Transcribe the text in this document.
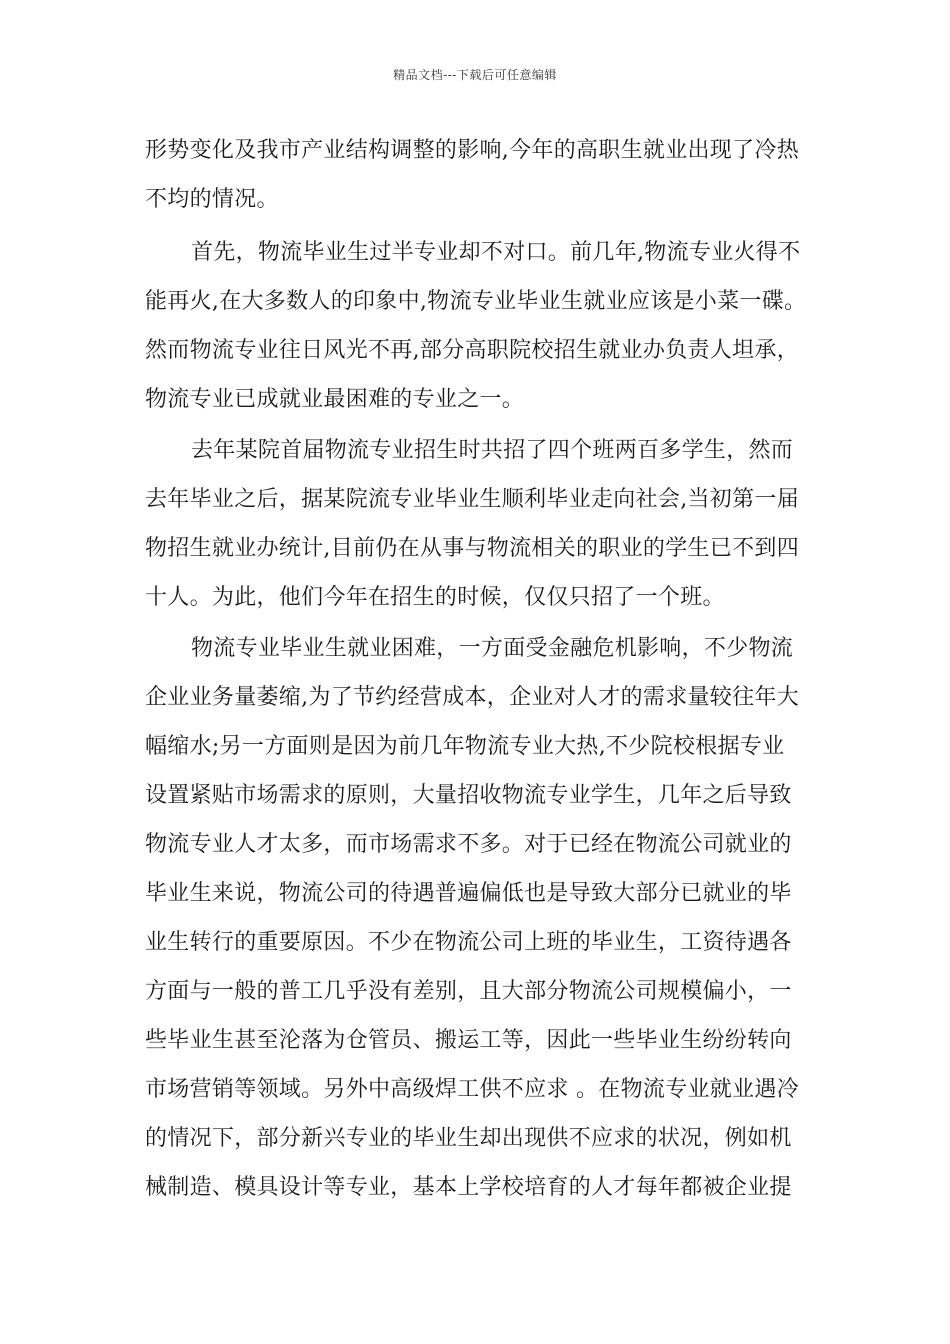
精品文档---下载后可任意编辑
形势变化及我市产业结构调整的影响,今年的高职生就业出现了冷热
不均的情况。
首先，物流毕业生过半专业却不对口。前几年,物流专业火得不
能再火,在大多数人的印象中,物流专业毕业生就业应该是小菜一碟。
然而物流专业往日风光不再,部分高职院校招生就业办负责人坦承，
物流专业已成就业最困难的专业之一。
去年某院首届物流专业招生时共招了四个班两百多学生，然而
去年毕业之后，据某院流专业毕业生顺利毕业走向社会,当初第一届
物招生就业办统计,目前仍在从事与物流相关的职业的学生已不到四
十人。为此，他们今年在招生的时候，仅仅只招了一个班。
物流专业毕业生就业困难，一方面受金融危机影响，不少物流
企业业务量萎缩,为了节约经营成本，企业对人才的需求量较往年大
幅缩水;另一方面则是因为前几年物流专业大热,不少院校根据专业
设置紧贴市场需求的原则，大量招收物流专业学生，几年之后导致
物流专业人才太多，而市场需求不多。对于已经在物流公司就业的
毕业生来说，物流公司的待遇普遍偏低也是导致大部分已就业的毕
业生转行的重要原因。不少在物流公司上班的毕业生，工资待遇各
方面与一般的普工几乎没有差别，且大部分物流公司规模偏小，一
些毕业生甚至沦落为仓管员、搬运工等，因此一些毕业生纷纷转向
市场营销等领域。另外中高级焊工供不应求 。在物流专业就业遇冷
的情况下，部分新兴专业的毕业生却出现供不应求的状况，例如机
械制造、模具设计等专业，基本上学校培育的人才每年都被企业提
